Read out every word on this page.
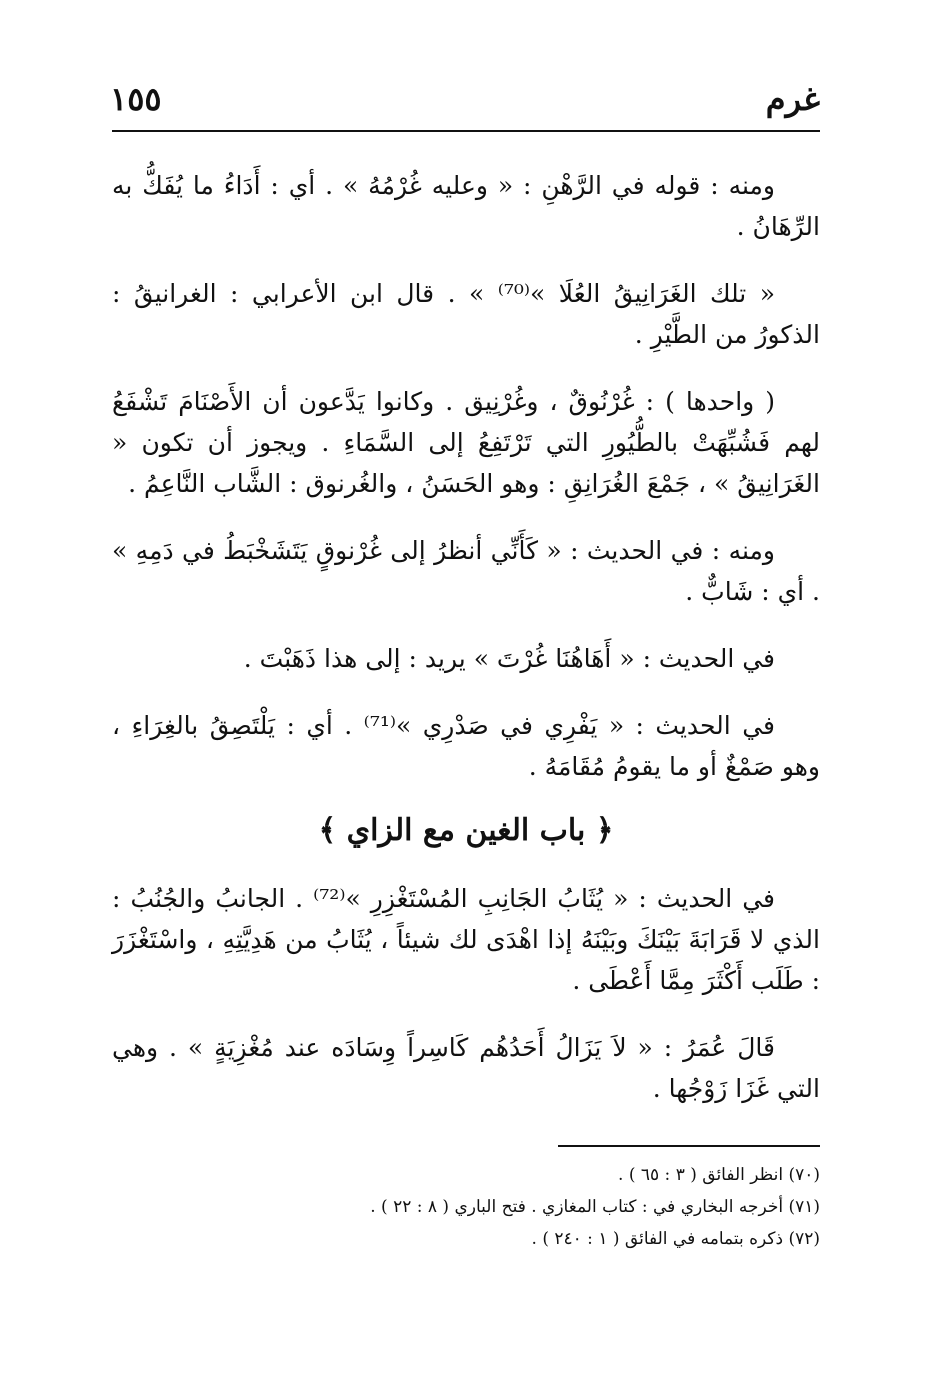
غرم
١٥٥

ومنه : قوله في الرَّهْنِ : « وعليه غُرْمُهُ » . أي : أَدَاءُ ما يُفَكُّ به الرِّهَانُ .

« تلك الغَرَانِيقُ العُلَا »⁽⁷⁰⁾ » . قال ابن الأعرابي : الغرانيقُ : الذكورُ من الطَّيْرِ .

( واحدها ) : غُرْنُوقٌ ، وغُرْنِيق . وكانوا يَدَّعون أن الأَصْنَامَ تَشْفَعُ لهم فَشُبِّهَتْ بالطُّيُورِ التي تَرْتَفِعُ إلى السَّمَاءِ . ويجوز أن تكون « الغَرَانِيقُ » ، جَمْعَ الغُرَانِقِ : وهو الحَسَنُ ، والغُرنوق : الشَّاب النَّاعِمُ .

ومنه : في الحديث : « كَأَنِّي أنظرُ إلى غُرْنوقٍ يَتَشَخْبَطُ في دَمِهِ » . أي : شَابٌّ .

في الحديث : « أَهَاهُنَا غُرْتَ » يريد : إلى هذا ذَهَبْتَ .

في الحديث : « يَفْرِي في صَدْرِي »⁽⁷¹⁾ . أي : يَلْتَصِقُ بالغِرَاءِ ، وهو صَمْغٌ أو ما يقومُ مُقَامَهُ .

﴿ باب الغين مع الزاي ﴾

في الحديث : « يُثَابُ الجَانِبِ المُسْتَغْزِرِ »⁽⁷²⁾ . الجانبُ والجُنُبُ : الذي لا قَرَابَةَ بَيْنَكَ وبَيْنَهُ إذا اهْدَى لك شيئاً ، يُثَابُ من هَدِيَّتِهِ ، واسْتَغْزَرَ : طَلَب أَكْثَرَ مِمَّا أَعْطَى .

قَالَ عُمَرُ : « لاَ يَزَالُ أَحَدُهُم كَاسِراً وِسَادَه عند مُغْزِيَةٍ » . وهي التي غَزَا زَوْجُها .

(٧٠) انظر الفائق ( ٣ : ٦٥ ) .

(٧١) أخرجه البخاري في : كتاب المغازي . فتح الباري ( ٨ : ٢٢ ) .

(٧٢) ذكره بتمامه في الفائق ( ١ : ٢٤٠ ) .
